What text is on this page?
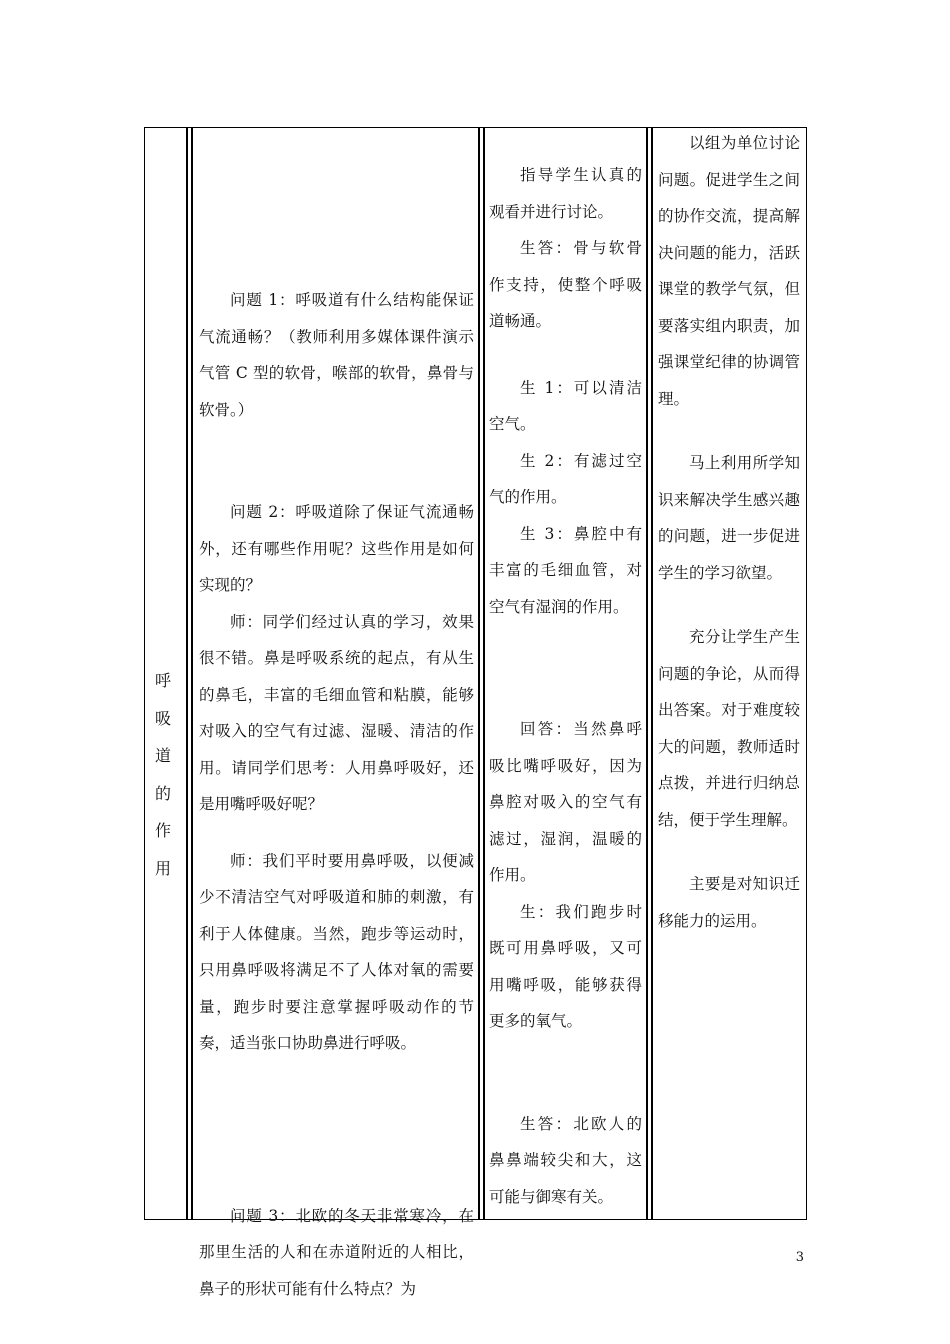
呼
吸
道
的
作
用

问题 1：呼吸道有什么结构能保证气流通畅？（教师利用多媒体课件演示气管 C 型的软骨，喉部的软骨，鼻骨与软骨。）

问题 2：呼吸道除了保证气流通畅外，还有哪些作用呢？这些作用是如何实现的？

师：同学们经过认真的学习，效果很不错。鼻是呼吸系统的起点，有从生的鼻毛，丰富的毛细血管和粘膜，能够对吸入的空气有过滤、湿暖、清洁的作用。请同学们思考：人用鼻呼吸好，还是用嘴呼吸好呢？

师：我们平时要用鼻呼吸，以便减少不清洁空气对呼吸道和肺的刺激，有利于人体健康。当然，跑步等运动时，只用鼻呼吸将满足不了人体对氧的需要量，跑步时要注意掌握呼吸动作的节奏，适当张口协助鼻进行呼吸。

问题 3：北欧的冬天非常寒冷，在那里生活的人和在赤道附近的人相比，鼻子的形状可能有什么特点？为

指导学生认真的观看并进行讨论。

生答：骨与软骨作支持，使整个呼吸道畅通。

生 1：可以清洁空气。

生 2：有滤过空气的作用。

生 3：鼻腔中有丰富的毛细血管，对空气有湿润的作用。

回答：当然鼻呼吸比嘴呼吸好，因为鼻腔对吸入的空气有滤过，湿润，温暖的作用。

生：我们跑步时既可用鼻呼吸，又可用嘴呼吸，能够获得更多的氧气。

生答：北欧人的鼻鼻端较尖和大，这可能与御寒有关。

以组为单位讨论问题。促进学生之间的协作交流，提高解决问题的能力，活跃课堂的教学气氛，但要落实组内职责，加强课堂纪律的协调管理。

马上利用所学知识来解决学生感兴趣的问题，进一步促进学生的学习欲望。

充分让学生产生问题的争论，从而得出答案。对于难度较大的问题，教师适时点拨，并进行归纳总结，便于学生理解。

主要是对知识迁移能力的运用。

3
